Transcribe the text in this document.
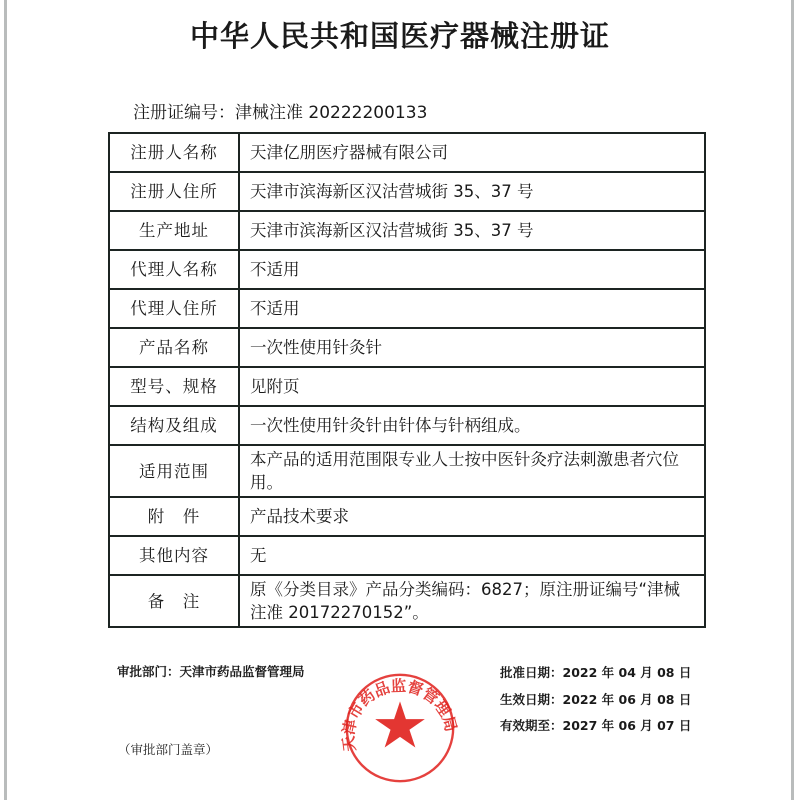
中华人民共和国医疗器械注册证
注册证编号：津械注准 20222200133
注册人名称	天津亿朋医疗器械有限公司
注册人住所	天津市滨海新区汉沽营城街 35、37 号
生产地址	天津市滨海新区汉沽营城街 35、37 号
代理人名称	不适用
代理人住所	不适用
产品名称	一次性使用针灸针
型号、规格	见附页
结构及组成	一次性使用针灸针由针体与针柄组成。
适用范围	本产品的适用范围限专业人士按中医针灸疗法刺激患者穴位用。
附　件	产品技术要求
其他内容	无
备　注	原《分类目录》产品分类编码：6827；原注册证编号“津械注准 20172270152”。
审批部门：天津市药品监督管理局
（审批部门盖章）
批准日期：2022 年 04 月 08 日
生效日期：2022 年 06 月 08 日
有效期至：2027 年 06 月 07 日
天津市药品监督管理局
